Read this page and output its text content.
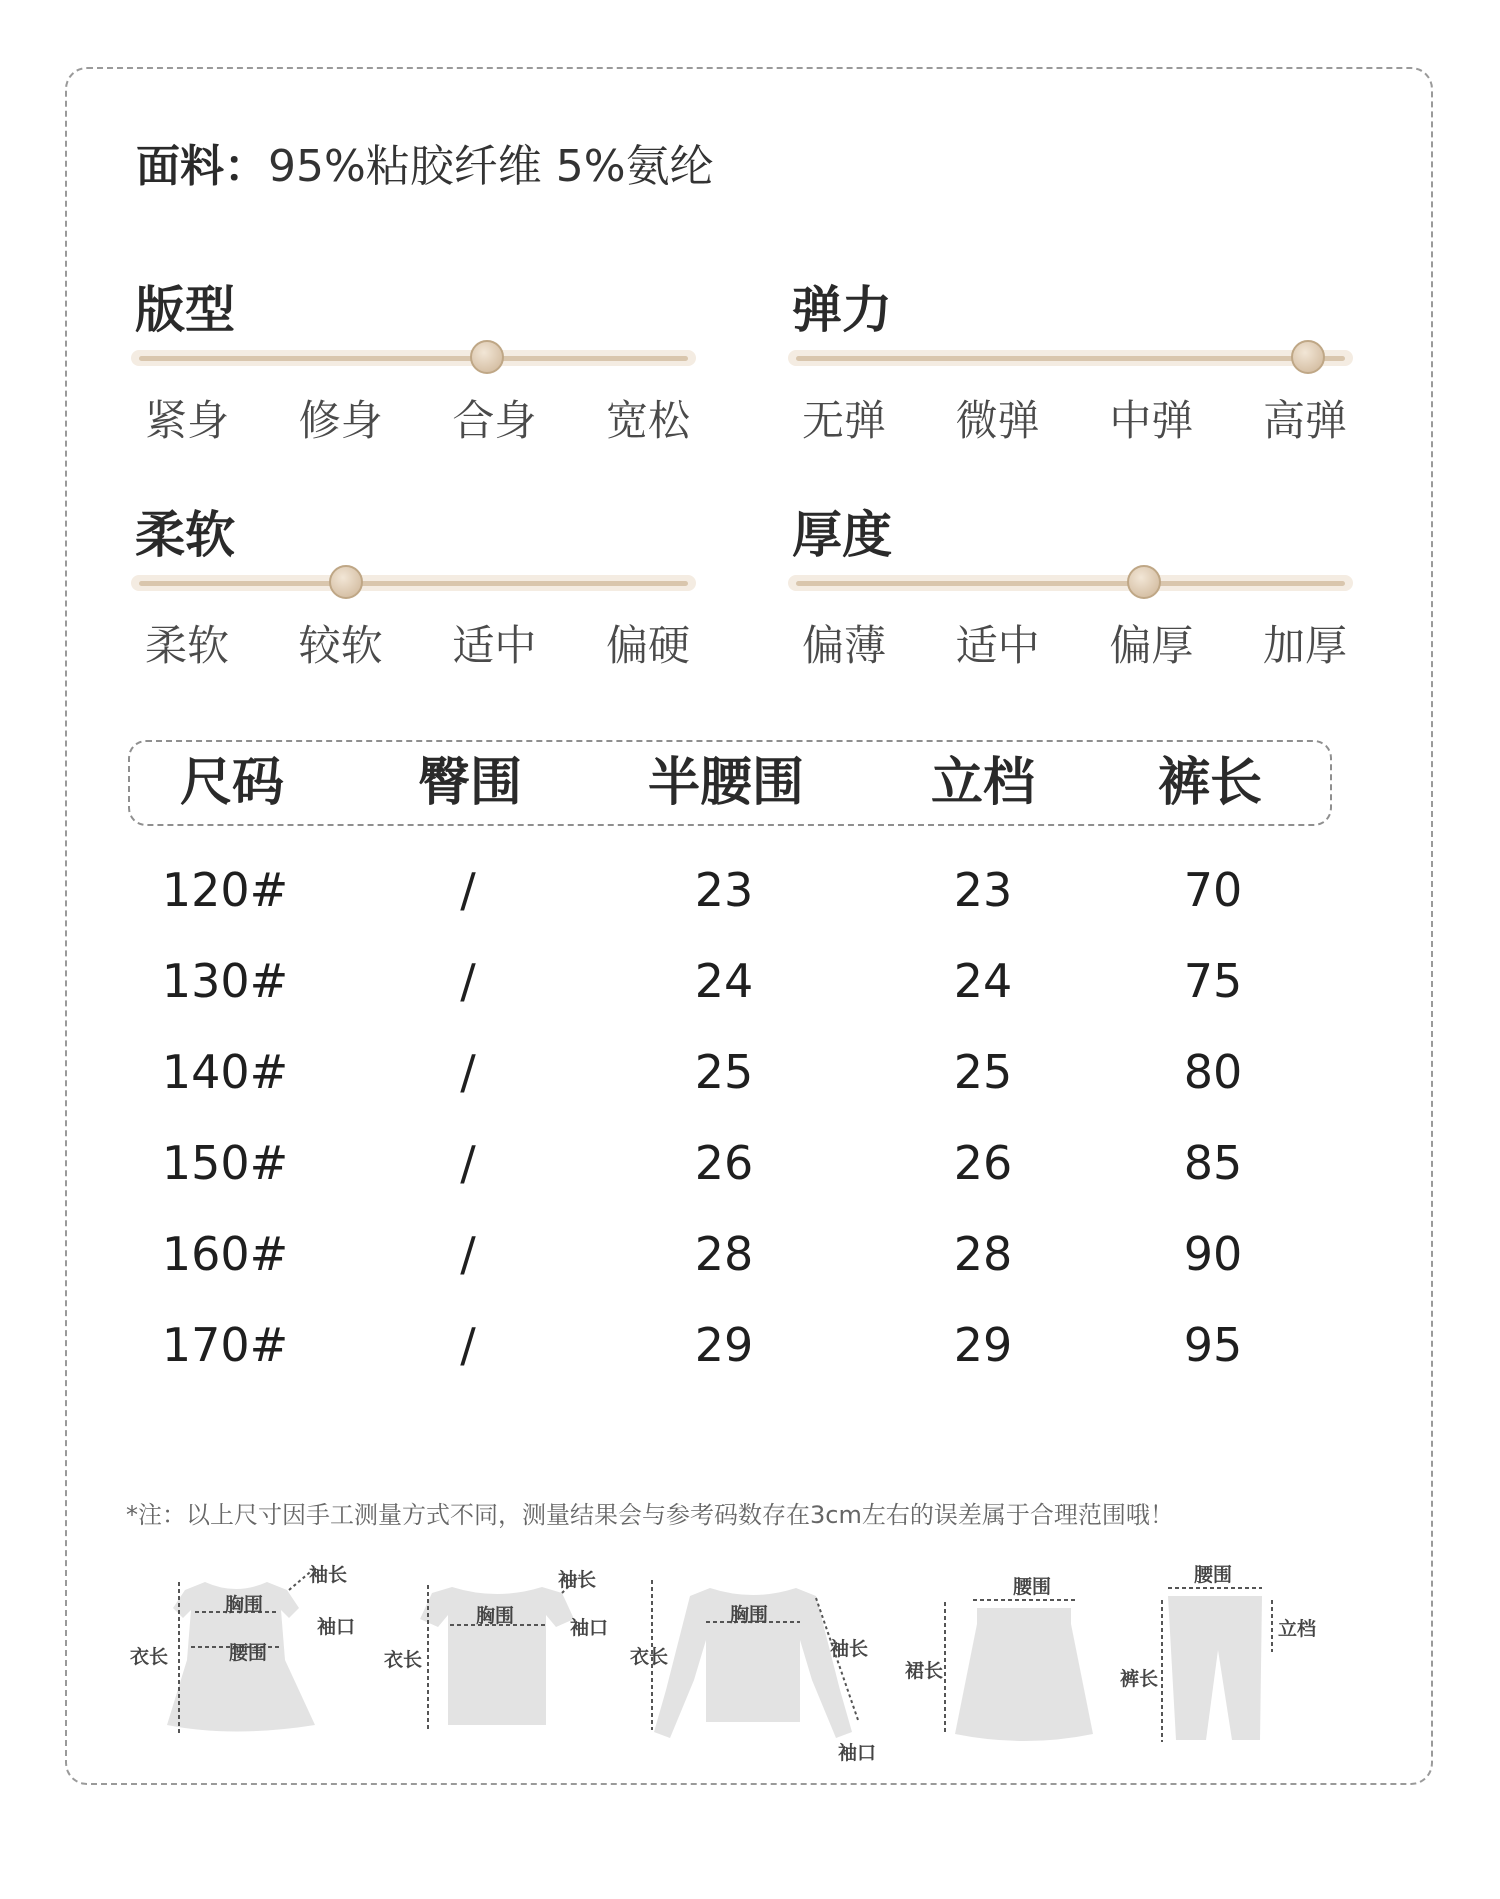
面料：95%粘胶纤维 5%氨纶
版型
紧身 修身 合身 宽松
弹力
无弹 微弹 中弹 高弹
柔软
柔软 较软 适中 偏硬
厚度
偏薄 适中 偏厚 加厚
尺码	臀围 半腰围 立档 裤长
120#	/	23	23	70
130#	/	24	24	75
140#	/	25	25	80
150#	/	26	26	85
160#	/	28	28	90
170#	/	29	29	95
*注：以上尺寸因手工测量方式不同，测量结果会与参考码数存在3cm左右的误差属于合理范围哦！
胸围
腰围
衣长
袖长
袖口	胸围
衣长
袖长
袖口
胸围
衣长	袖长
袖口
腰围
裙长
腰围
立档
裤长
